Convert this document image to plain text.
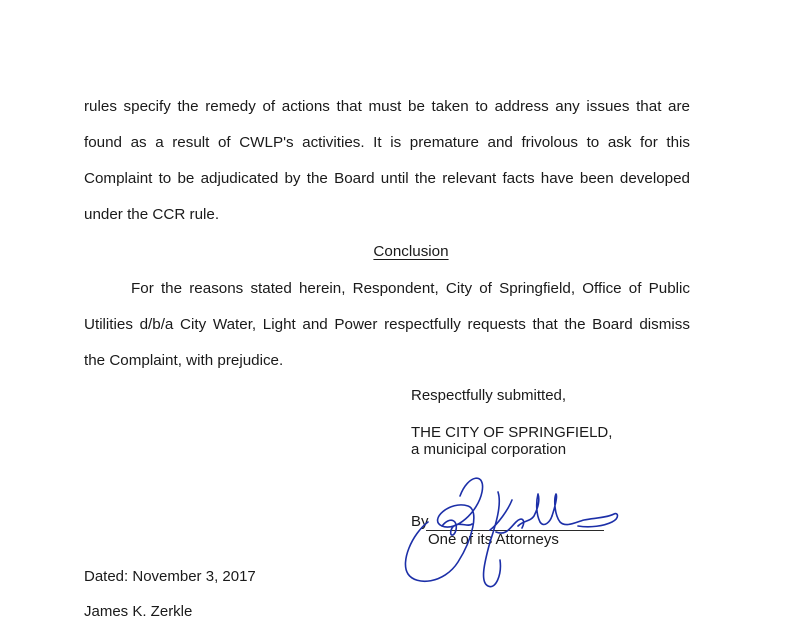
rules specify the remedy of actions that must be taken to address any issues that are
found as a result of CWLP's activities. It is premature and frivolous to ask for this
Complaint to be adjudicated by the Board until the relevant facts have been developed
under the CCR rule.
Conclusion
For the reasons stated herein, Respondent, City of Springfield, Office of Public
Utilities d/b/a City Water, Light and Power respectfully requests that the Board dismiss
the Complaint, with prejudice.
Respectfully submitted,
THE CITY OF SPRINGFIELD,
a municipal corporation
By
One of its Attorneys
Dated: November 3, 2017
James K. Zerkle
